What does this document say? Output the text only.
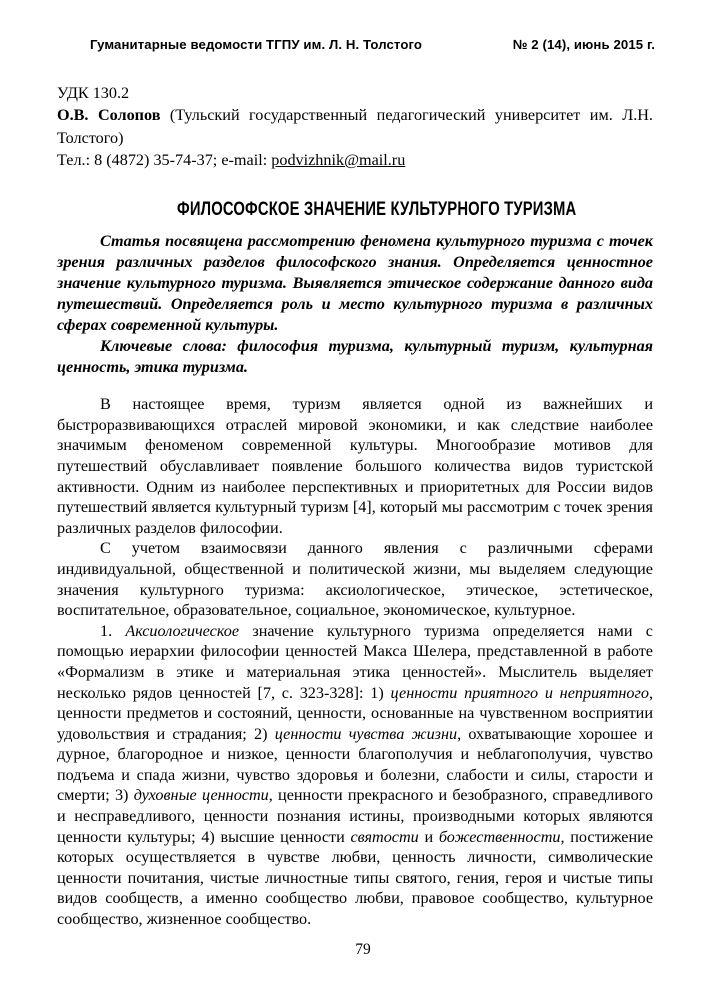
Гуманитарные ведомости ТГПУ им. Л. Н. Толстого	№ 2 (14), июнь 2015 г.

УДК 130.2

О.В. Солопов (Тульский государственный педагогический университет им. Л.Н. Толстого)

Тел.: 8 (4872) 35-74-37; e-mail: podvizhnik@mail.ru

ФИЛОСОФСКОЕ ЗНАЧЕНИЕ КУЛЬТУРНОГО ТУРИЗМА

Статья посвящена рассмотрению феномена культурного туризма с точек зрения различных разделов философского знания. Определяется ценностное значение культурного туризма. Выявляется этическое содержание данного вида путешествий. Определяется роль и место культурного туризма в различных сферах современной культуры.

Ключевые слова: философия туризма, культурный туризм, культурная ценность, этика туризма.

В настоящее время, туризм является одной из важнейших и быстроразвивающихся отраслей мировой экономики, и как следствие наиболее значимым феноменом современной культуры. Многообразие мотивов для путешествий обуславливает появление большого количества видов туристской активности. Одним из наиболее перспективных и приоритетных для России видов путешествий является культурный туризм [4], который мы рассмотрим с точек зрения различных разделов философии.

С учетом взаимосвязи данного явления с различными сферами индивидуальной, общественной и политической жизни, мы выделяем следующие значения культурного туризма: аксиологическое, этическое, эстетическое, воспитательное, образовательное, социальное, экономическое, культурное.

1. Аксиологическое значение культурного туризма определяется нами с помощью иерархии философии ценностей Макса Шелера, представленной в работе «Формализм в этике и материальная этика ценностей». Мыслитель выделяет несколько рядов ценностей [7, с. 323-328]: 1) ценности приятного и неприятного, ценности предметов и состояний, ценности, основанные на чувственном восприятии удовольствия и страдания; 2) ценности чувства жизни, охватывающие хорошее и дурное, благородное и низкое, ценности благополучия и неблагополучия, чувство подъема и спада жизни, чувство здоровья и болезни, слабости и силы, старости и смерти; 3) духовные ценности, ценности прекрасного и безобразного, справедливого и несправедливого, ценности познания истины, производными которых являются ценности культуры; 4) высшие ценности святости и божественности, постижение которых осуществляется в чувстве любви, ценность личности, символические ценности почитания, чистые личностные типы святого, гения, героя и чистые типы видов сообществ, а именно сообщество любви, правовое сообщество, культурное сообщество, жизненное сообщество.

79
